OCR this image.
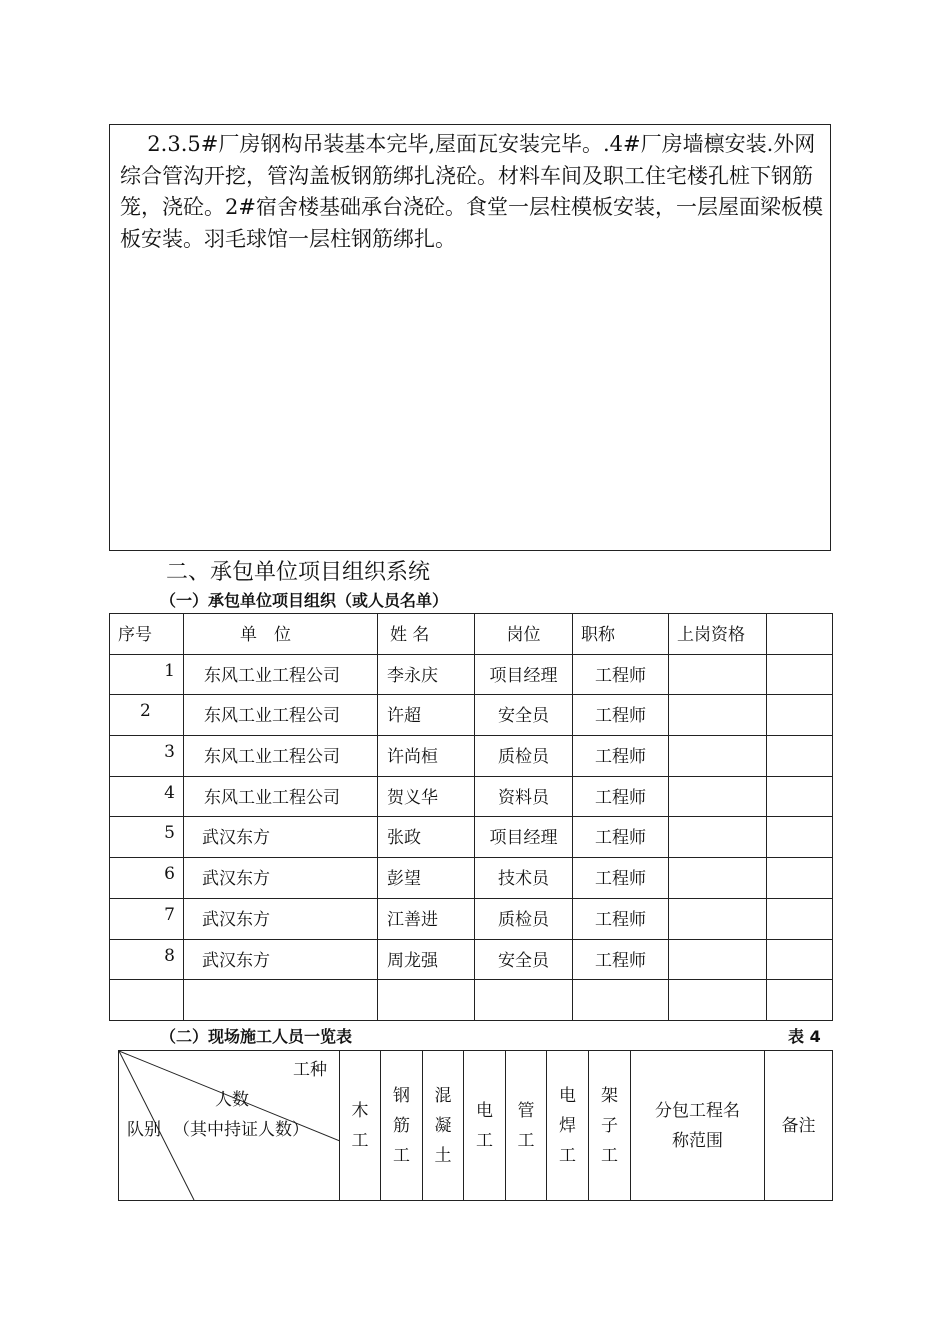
2.3.5#厂房钢构吊装基本完毕,屋面瓦安装完毕。.4#厂房墙檩安装.外网综合管沟开挖，管沟盖板钢筋绑扎浇砼。材料车间及职工住宅楼孔桩下钢筋笼，浇砼。2#宿舍楼基础承台浇砼。食堂一层柱模板安装，一层屋面梁板模板安装。羽毛球馆一层柱钢筋绑扎。

二、承包单位项目组织系统
（一）承包单位项目组织（或人员名单）
序号	单　位	姓 名	岗位	职称	上岗资格	
1	东风工业工程公司	李永庆	项目经理	工程师		
2	东风工业工程公司	许超	安全员	工程师		
3	东风工业工程公司	许尚桓	质检员	工程师		
4	东风工业工程公司	贺义华	资料员	工程师		
5	武汉东方	张政	项目经理	工程师		
6	武汉东方	彭望	技术员	工程师		
7	武汉东方	江善进	质检员	工程师		
8	武汉东方	周龙强	安全员	工程师		

（二）现场施工人员一览表	表 4
工种
人数
队别 （其中持证人数）
	木工	钢筋工	混凝土	电工	管工	电焊工	架子工	分包工程名称范围	备注
